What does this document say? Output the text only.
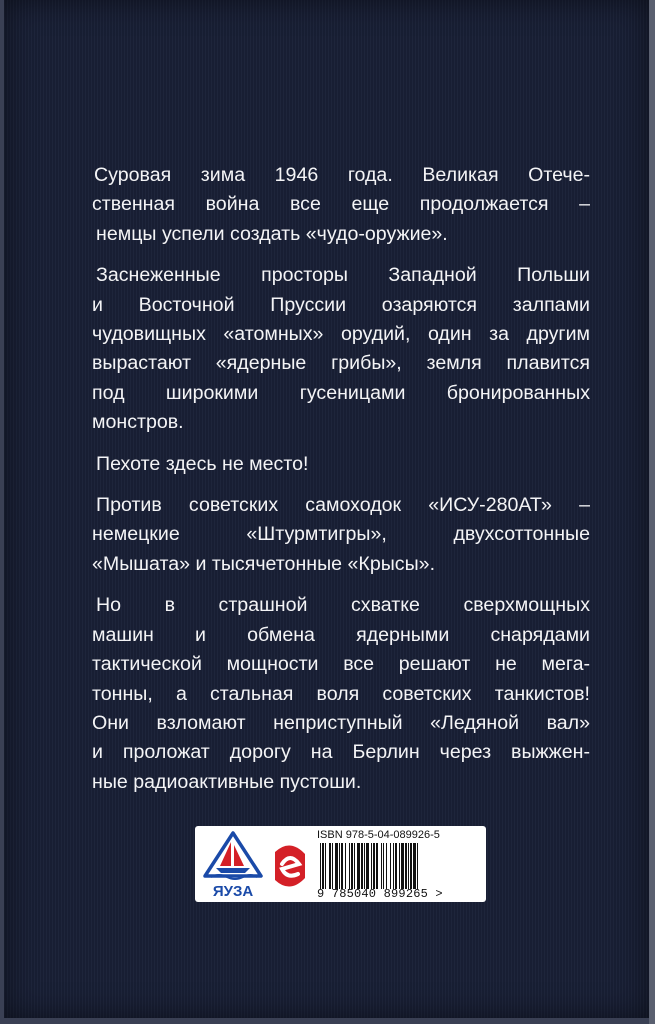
Суровая зима 1946 года. Великая Отече-
ственная война все еще продолжается –
немцы успели создать «чудо-оружие».

Заснеженные просторы Западной Польши
и Восточной Пруссии озаряются залпами
чудовищных «атомных» орудий, один за другим
вырастают «ядерные грибы», земля плавится
под широкими гусеницами бронированных
монстров.

Пехоте здесь не место!

Против советских самоходок «ИСУ-280АТ» –
немецкие «Штурмтигры», двухсоттонные
«Мышата» и тысячетонные «Крысы».

Но в страшной схватке сверхмощных
машин и обмена ядерными снарядами
тактической мощности все решают не мега-
тонны, а стальная воля советских танкистов!
Они взломают неприступный «Ледяной вал»
и проложат дорогу на Берлин через выжжен-
ные радиоактивные пустоши.

ЯУЗА
ISBN 978-5-04-089926-5
9 785040 899265 >
